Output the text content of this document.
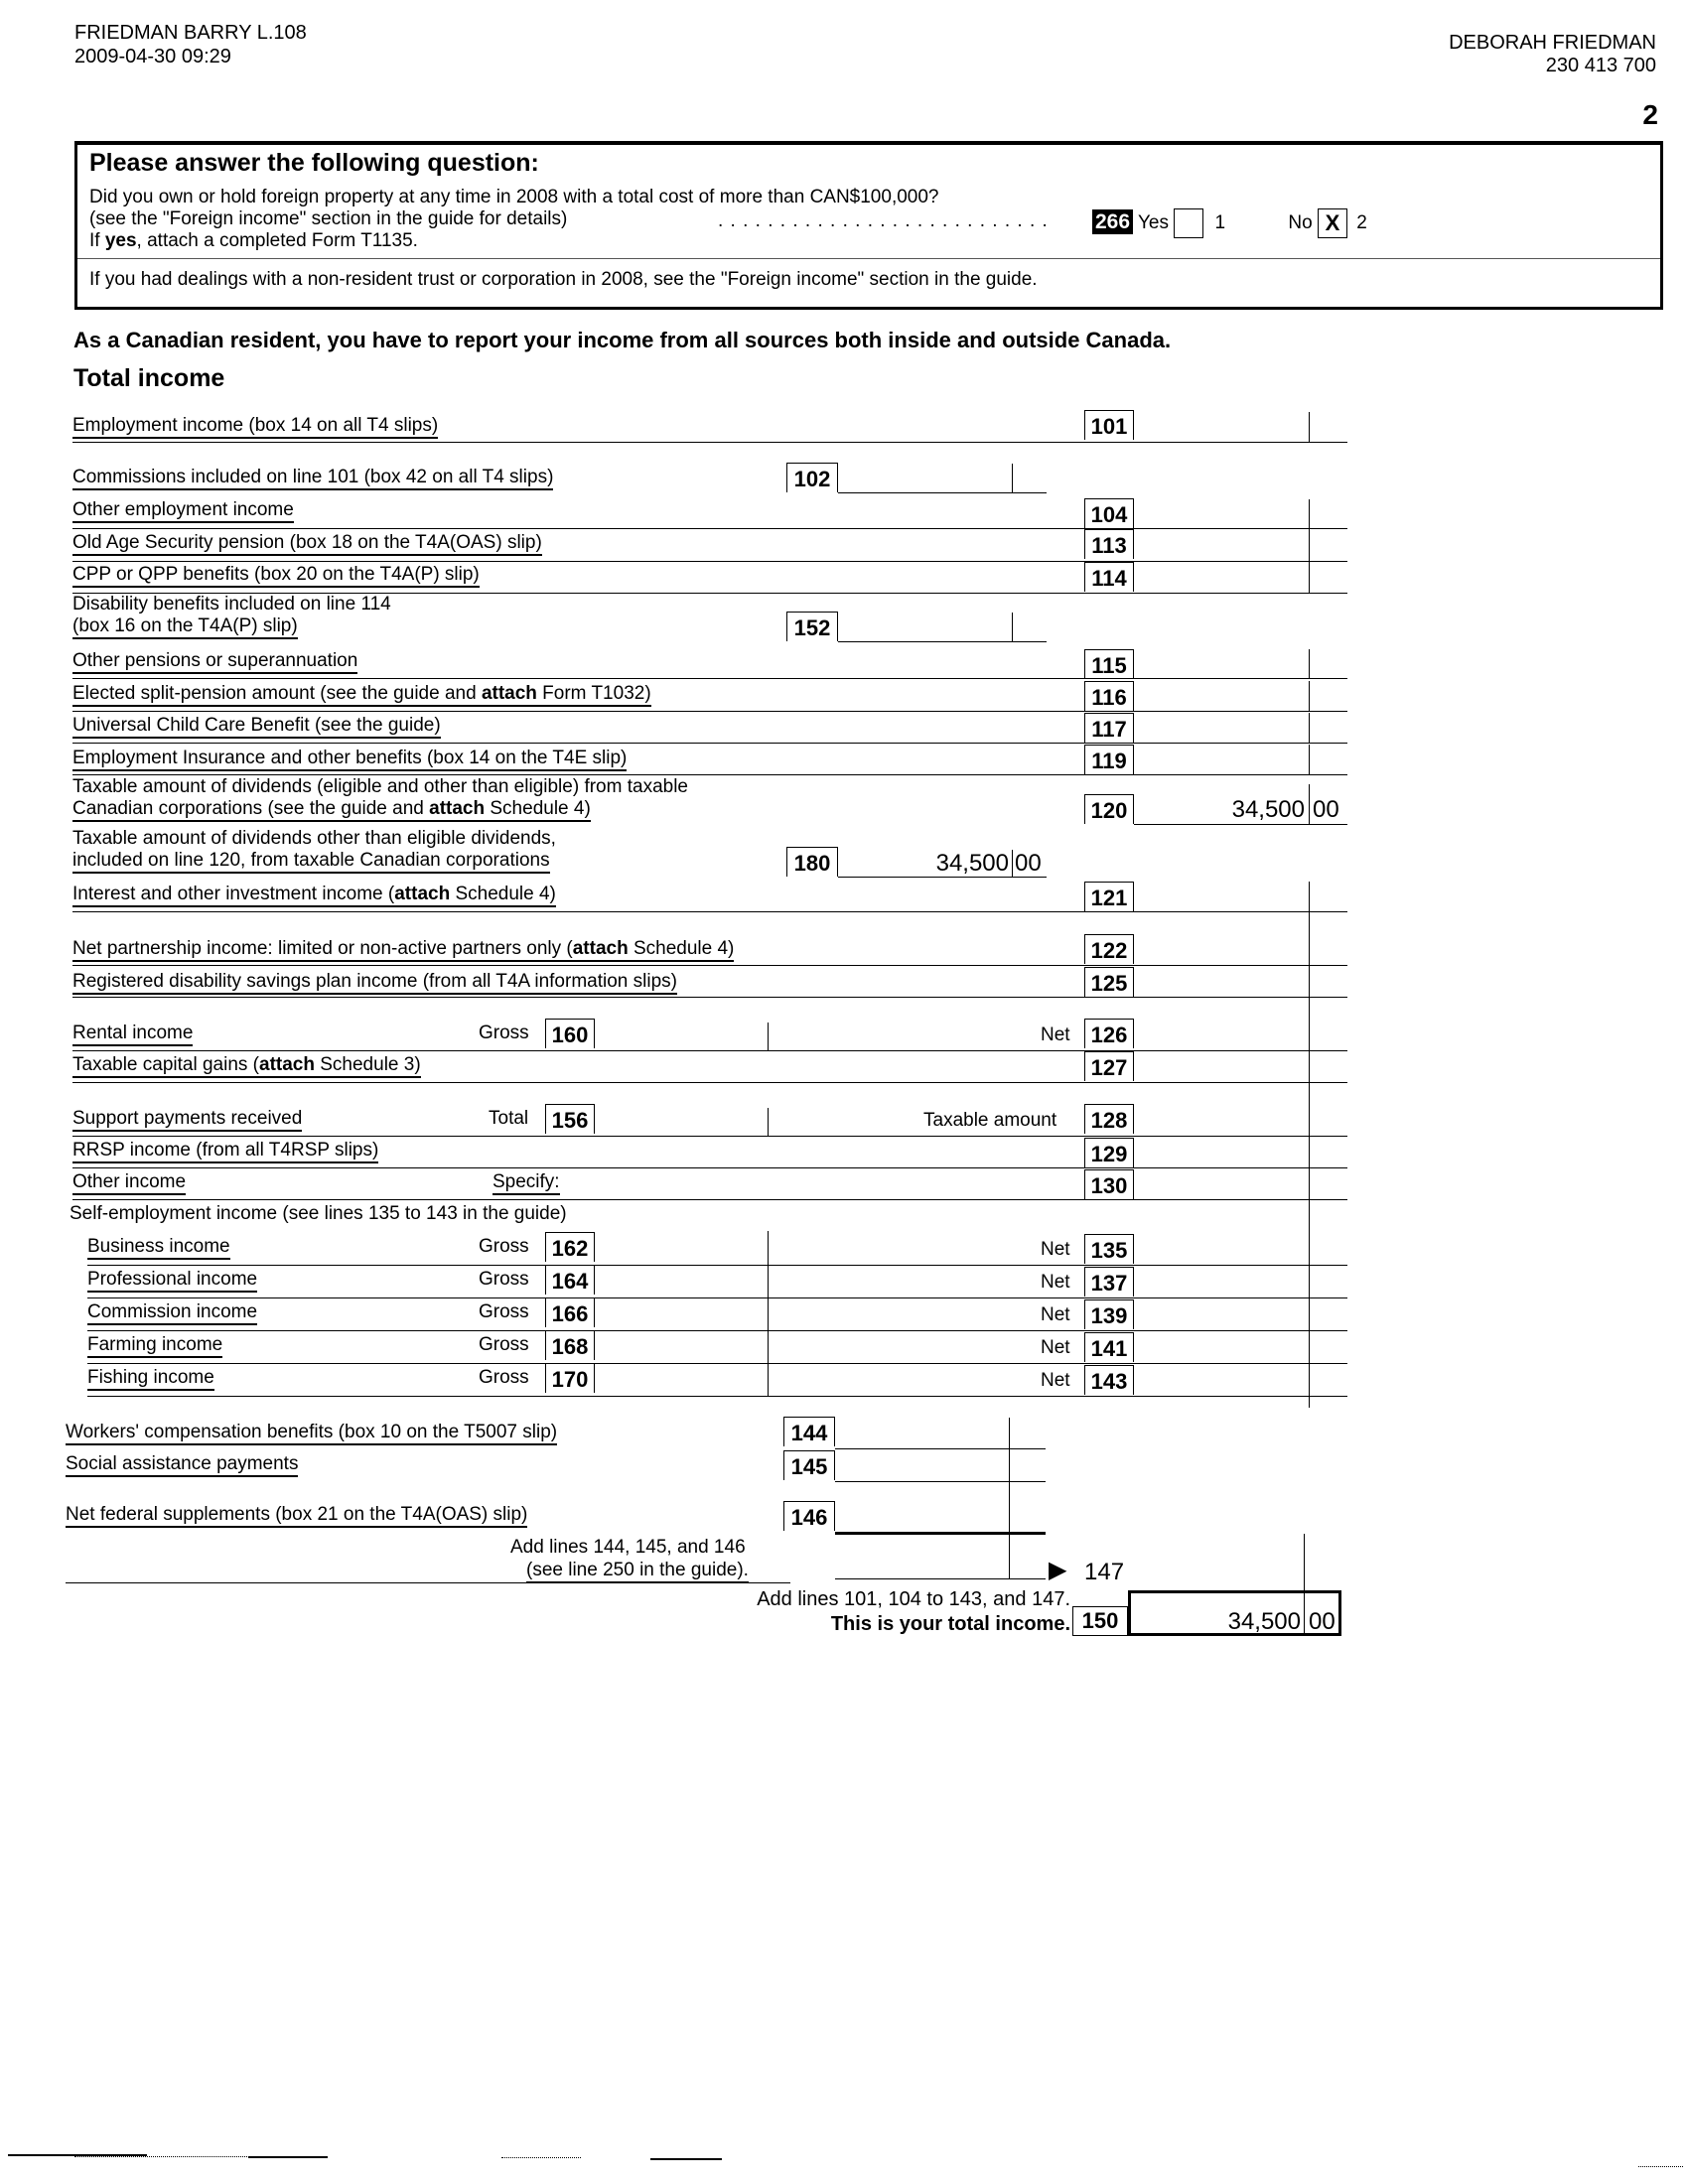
FRIEDMAN BARRY L.108
2009-04-30 09:29
DEBORAH FRIEDMAN
230 413 700
2
Please answer the following question:
Did you own or hold foreign property at any time in 2008 with a total cost of more than CAN$100,000?
(see the "Foreign income" section in the guide for details)	. . . . . . . . . . . . . . . . . . . . . . . . . . . 266 Yes 1	No X 2
If yes, attach a completed Form T1135.
If you had dealings with a non-resident trust or corporation in 2008, see the "Foreign income" section in the guide.
As a Canadian resident, you have to report your income from all sources both inside and outside Canada.
Total income
Employment income (box 14 on all T4 slips)	101
Commissions included on line 101 (box 42 on all T4 slips)	102
Other employment income	104
Old Age Security pension (box 18 on the T4A(OAS) slip)	113
CPP or QPP benefits (box 20 on the T4A(P) slip)	114
Disability benefits included on line 114
(box 16 on the T4A(P) slip)	152
Other pensions or superannuation	115
Elected split-pension amount (see the guide and attach Form T1032)	116
Universal Child Care Benefit (see the guide)	117
Employment Insurance and other benefits (box 14 on the T4E slip)	119
Taxable amount of dividends (eligible and other than eligible) from taxable
Canadian corporations (see the guide and attach Schedule 4)	120	34,500 00
Taxable amount of dividends other than eligible dividends,
included on line 120, from taxable Canadian corporations	180	34,500 00
Interest and other investment income (attach Schedule 4)	121
Net partnership income: limited or non-active partners only (attach Schedule 4)	122
Registered disability savings plan income (from all T4A information slips)	125
Rental income	Gross	160	Net 126
Taxable capital gains (attach Schedule 3)	127
Support payments received	Total	156	Taxable amount	128
RRSP income (from all T4RSP slips)	129
Other income	Specify:	130
Self-employment income (see lines 135 to 143 in the guide)
Business income	Gross	162	Net 135
Professional income	Gross	164	Net 137
Commission income	Gross	166	Net 139
Farming income	Gross	168	Net 141
Fishing income	Gross	170	Net 143
Workers' compensation benefits (box 10 on the T5007 slip)	144
Social assistance payments	145
Net federal supplements (box 21 on the T4A(OAS) slip)	146
Add lines 144, 145, and 146
(see line 250 in the guide).	▶ 147
Add lines 101, 104 to 143, and 147.
This is your total income. 150	34,500 00
